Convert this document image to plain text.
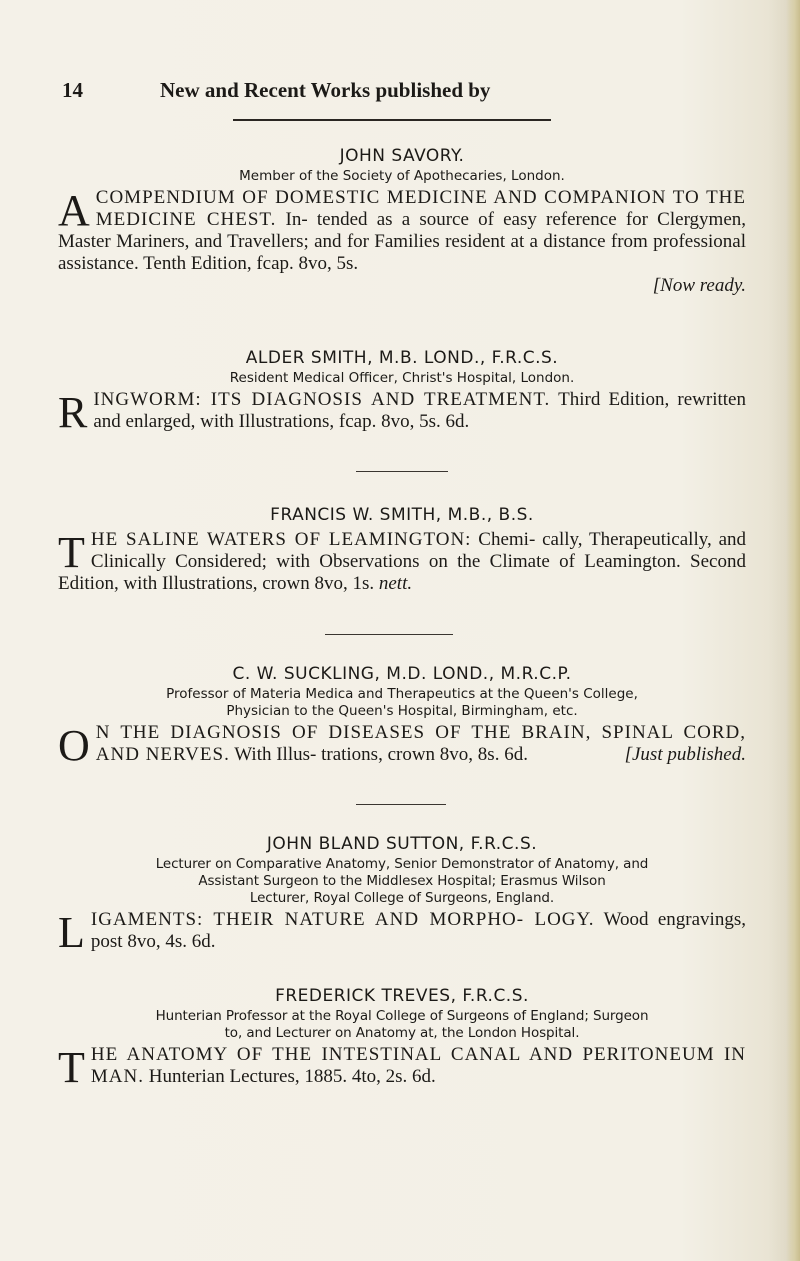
14	New and Recent Works published by

JOHN SAVORY.

Member of the Society of Apothecaries, London.

ACOMPENDIUM OF DOMESTIC MEDICINE AND COMPANION TO THE MEDICINE CHEST. In- tended as a source of easy reference for Clergymen, Master Mariners, and Travellers; and for Families resident at a distance from professional assistance. Tenth Edition, fcap. 8vo, 5s.

[Now ready.

ALDER SMITH, M.B. LOND., F.R.C.S.

Resident Medical Officer, Christ's Hospital, London.

RINGWORM: ITS DIAGNOSIS AND TREATMENT. Third Edition, rewritten and enlarged, with Illustrations, fcap. 8vo, 5s. 6d.

FRANCIS W. SMITH, M.B., B.S.

THE SALINE WATERS OF LEAMINGTON: Chemi- cally, Therapeutically, and Clinically Considered; with Observations on the Climate of Leamington. Second Edition, with Illustrations, crown 8vo, 1s. nett.

C. W. SUCKLING, M.D. LOND., M.R.C.P.

Professor of Materia Medica and Therapeutics at the Queen's College,

Physician to the Queen's Hospital, Birmingham, etc.

O N THE DIAGNOSIS OF DISEASES OF THE BRAIN, SPINAL CORD, AND NERVES. With Illus- trations, crown 8vo, 8s. 6d.	[Just published.

JOHN BLAND SUTTON, F.R.C.S.

Lecturer on Comparative Anatomy, Senior Demonstrator of Anatomy, and

Assistant Surgeon to the Middlesex Hospital; Erasmus Wilson

Lecturer, Royal College of Surgeons, England.

LIGAMENTS: THEIR NATURE AND MORPHO- LOGY. Wood engravings, post 8vo, 4s. 6d.

FREDERICK TREVES, F.R.C.S.

Hunterian Professor at the Royal College of Surgeons of England; Surgeon

to, and Lecturer on Anatomy at, the London Hospital.

THE ANATOMY OF THE INTESTINAL CANAL AND PERITONEUM IN MAN. Hunterian Lectures, 1885. 4to, 2s. 6d.
